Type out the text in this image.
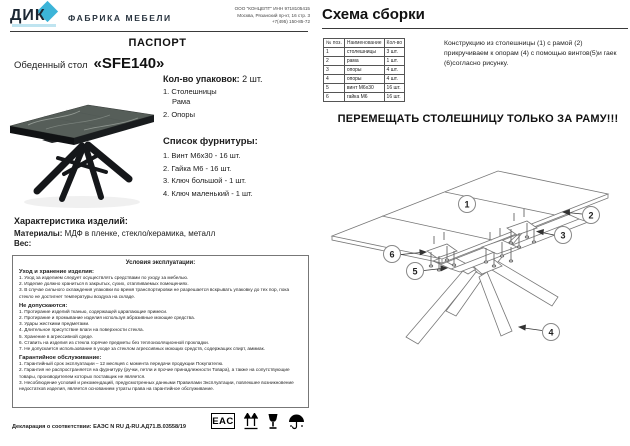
ДИК	ФАБРИКА МЕБЕЛИ
ООО "КОНЦЕПТ" ИНН 9718105415
Москва, Рязанский пр-кт, 16 стр. 3
+7(495) 150-85-72
ПАСПОРТ
Обеденный стол «SFE140»
Кол-во упаковок: 2 шт.
1. Столешницы
Рама
2. Опоры
Список фурнитуры:
1. Винт М6х30 - 16 шт.
2. Гайка М6 - 16 шт.
3. Ключ большой - 1 шт.
4. Ключ маленький - 1 шт.
Характеристика изделий:
Материалы: МДФ в пленке, стекло/керамика, металл
Вес:
Условия эксплуатации:
Уход и хранение изделия:
1. Уход за изделием следует осуществлять средствами по уходу за мебелью.
2. Изделие должно храниться в закрытых, сухих, отапливаемых помещениях.
3. В случае сильного охлаждения упаковки во время транспортировки не разрешается вскрывать упаковку до тех пор, пока стекло не достигнет температуры воздуха на складе.
Не допускаются:
1. Протирание изделий тканью, содержащей царапающие примеси.
2. Протирание и промывание изделия используя абразивные моющие средства.
3. Удары жесткими предметами.
4. Длительное присутствие влаги на поверхности стекла.
5. Хранение в агрессивной среде.
6. Ставить на изделия из стекла горячие предметы без теплоизоляционной прокладки.
7. Не допускается использование в уходе за стеклом агрессивных моющих средств, содержащих спирт, аммиак.
Гарантийное обслуживание:
1. Гарантийный срок эксплуатации – 12 месяцев с момента передачи продукции Покупателю.
2. Гарантия не распространяется на фурнитуру (ручки, петли и прочие принадлежности Товара), а также на сопутствующие товары, производителем которых поставщик не является.
3. Несоблюдение условий и рекомендаций, предусмотренных данными Правилами Эксплуатации, повлекшее возникновение недостатков изделия, является основанием утраты права на гарантийное обслуживание.
Декларация о соответствии: ЕАЭС N RU Д-RU.АД71.В.03558/19
EAC
Схема сборки
№ поз.	Наименование	Кол-во
1	столешницы	3 шт.
2	рама	1 шт.
3	опоры	4 шт.
4	опоры	4 шт.
5	винт М6х30	16 шт.
6	гайка М6	16 шт.
Конструкцию из столешницы (1) с рамой (2) прикручиваем к опорам (4) с помощью винтов(5)и гаек (6)согласно рисунку.
ПЕРЕМЕЩАТЬ СТОЛЕШНИЦУ ТОЛЬКО ЗА РАМУ!!!
1
2
3
4
5
6
